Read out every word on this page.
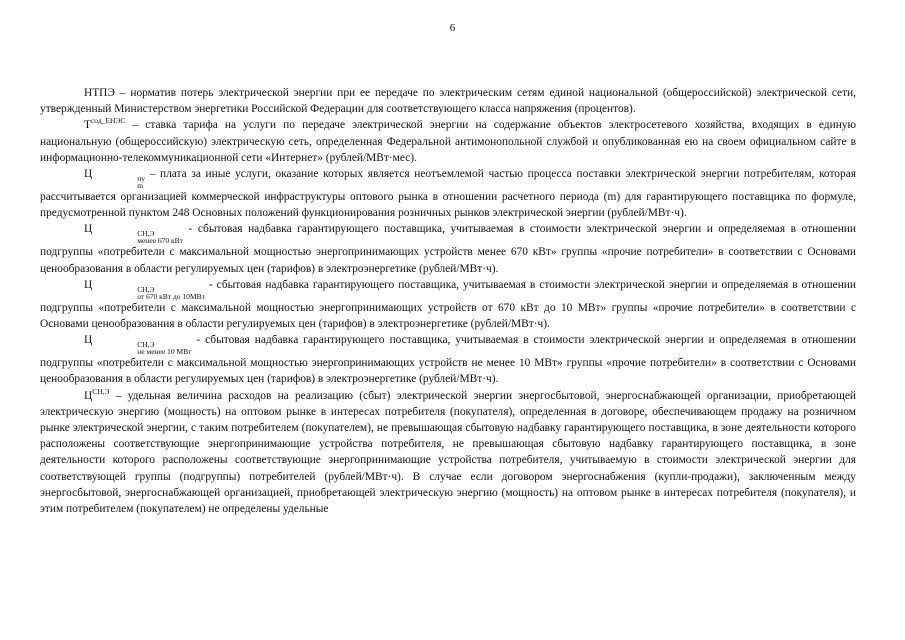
6

НТПЭ – норматив потерь электрической энергии при ее передаче по электрическим сетям единой национальной (общероссийской) электрической сети, утвержденный Министерством энергетики Российской Федерации для соответствующего класса напряжения (процентов).

$T^{сод\_ЕНЭС}$ – ставка тарифа на услуги по передаче электрической энергии на содержание объектов электросетевого хозяйства, входящих в единую национальную (общероссийскую) электрическую сеть, определенная Федеральной антимонопольной службой и опубликованная ею на своем официальном сайте в информационно-телекоммуникационной сети «Интернет» (рублей/МВт·мес).

Ц	пу
m
– плата за иные услуги, оказание которых является неотъемлемой частью процесса поставки электрической энергии потребителям, которая рассчитывается организацией коммерческой инфраструктуры оптового рынка в отношении расчетного периода (m) для гарантирующего поставщика по формуле, предусмотренной пунктом 248 Основных положений функционирования розничных рынков электрической энергии (рублей/МВт·ч).

Ц	СН,Э
менее 670 кВт
- сбытовая надбавка гарантирующего поставщика, учитываемая в стоимости электрической энергии и определяемая в отношении подгруппы «потребители с максимальной мощностью энергопринимающих устройств менее 670 кВт» группы «прочие потребители» в соответствии с Основами ценообразования в области регулируемых цен (тарифов) в электроэнергетике (рублей/МВт·ч).

Ц	СН,Э
от 670 кВт до 10МВт
- сбытовая надбавка гарантирующего поставщика, учитываемая в стоимости электрической энергии и определяемая в отношении подгруппы «потребители с максимальной мощностью энергопринимающих устройств от 670 кВт до 10 МВт» группы «прочие потребители» в соответствии с Основами ценообразования в области регулируемых цен (тарифов) в электроэнергетике (рублей/МВт·ч).

Ц	СН,Э
не менее 10 МВт
- сбытовая надбавка гарантирующего поставщика, учитываемая в стоимости электрической энергии и определяемая в отношении подгруппы «потребители с максимальной мощностью энергопринимающих устройств не менее 10 МВт» группы «прочие потребители» в соответствии с Основами ценообразования в области регулируемых цен (тарифов) в электроэнергетике (рублей/МВт·ч).

$Ц^{СН,Э}$ – удельная величина расходов на реализацию (сбыт) электрической энергии энергосбытовой, энергоснабжающей организации, приобретающей электрическую энергию (мощность) на оптовом рынке в интересах потребителя (покупателя), определенная в договоре, обеспечивающем продажу на розничном рынке электрической энергии, с таким потребителем (покупателем), не превышающая сбытовую надбавку гарантирующего поставщика, в зоне деятельности которого расположены соответствующие энергопринимающие устройства потребителя, не превышающая сбытовую надбавку гарантирующего поставщика, в зоне деятельности которого расположены соответствующие энергопринимающие устройства потребителя, учитываемую в стоимости электрической энергии для соответствующей группы (подгруппы) потребителей (рублей/МВт·ч). В случае если договором энергоснабжения (купли-продажи), заключенным между энергосбытовой, энергоснабжающей организацией, приобретающей электрическую энергию (мощность) на оптовом рынке в интересах потребителя (покупателя), и этим потребителем (покупателем) не определены удельные
